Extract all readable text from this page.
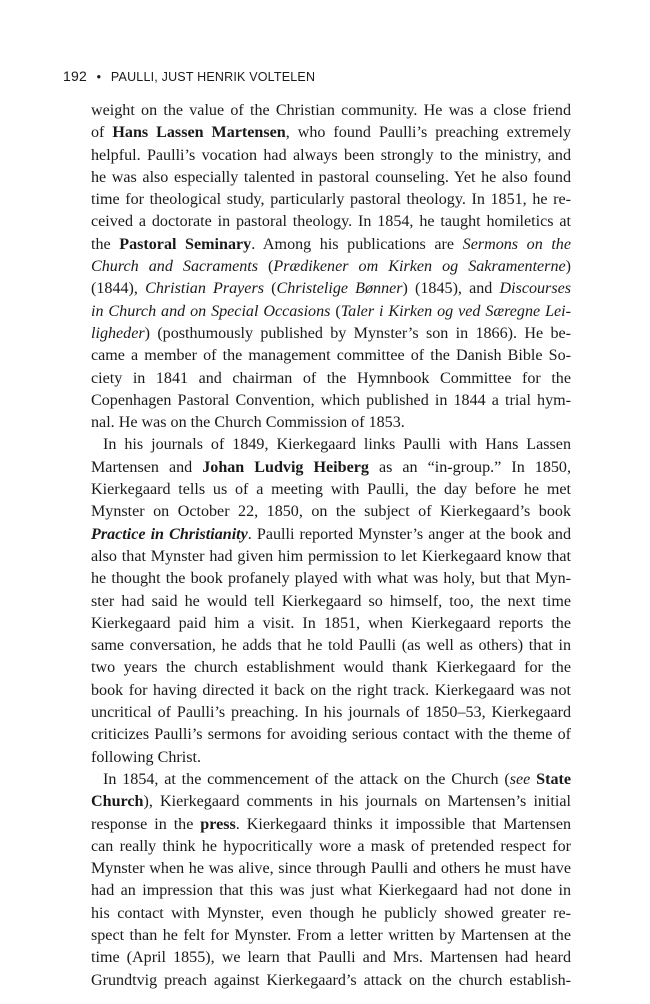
192 • PAULLI, JUST HENRIK VOLTELEN
weight on the value of the Christian community. He was a close friend
of Hans Lassen Martensen, who found Paulli’s preaching extremely
helpful. Paulli’s vocation had always been strongly to the ministry, and
he was also especially talented in pastoral counseling. Yet he also found
time for theological study, particularly pastoral theology. In 1851, he re-
ceived a doctorate in pastoral theology. In 1854, he taught homiletics at
the Pastoral Seminary. Among his publications are Sermons on the
Church and Sacraments (Prædikener om Kirken og Sakramenterne)
(1844), Christian Prayers (Christelige Bønner) (1845), and Discourses
in Church and on Special Occasions (Taler i Kirken og ved Særegne Lei-
ligheder) (posthumously published by Mynster’s son in 1866). He be-
came a member of the management committee of the Danish Bible So-
ciety in 1841 and chairman of the Hymnbook Committee for the
Copenhagen Pastoral Convention, which published in 1844 a trial hym-
nal. He was on the Church Commission of 1853.
In his journals of 1849, Kierkegaard links Paulli with Hans Lassen
Martensen and Johan Ludvig Heiberg as an “in-group.” In 1850,
Kierkegaard tells us of a meeting with Paulli, the day before he met
Mynster on October 22, 1850, on the subject of Kierkegaard’s book
Practice in Christianity. Paulli reported Mynster’s anger at the book and
also that Mynster had given him permission to let Kierkegaard know that
he thought the book profanely played with what was holy, but that Myn-
ster had said he would tell Kierkegaard so himself, too, the next time
Kierkegaard paid him a visit. In 1851, when Kierkegaard reports the
same conversation, he adds that he told Paulli (as well as others) that in
two years the church establishment would thank Kierkegaard for the
book for having directed it back on the right track. Kierkegaard was not
uncritical of Paulli’s preaching. In his journals of 1850–53, Kierkegaard
criticizes Paulli’s sermons for avoiding serious contact with the theme of
following Christ.
In 1854, at the commencement of the attack on the Church (see State
Church), Kierkegaard comments in his journals on Martensen’s initial
response in the press. Kierkegaard thinks it impossible that Martensen
can really think he hypocritically wore a mask of pretended respect for
Mynster when he was alive, since through Paulli and others he must have
had an impression that this was just what Kierkegaard had not done in
his contact with Mynster, even though he publicly showed greater re-
spect than he felt for Mynster. From a letter written by Martensen at the
time (April 1855), we learn that Paulli and Mrs. Martensen had heard
Grundtvig preach against Kierkegaard’s attack on the church establish-
